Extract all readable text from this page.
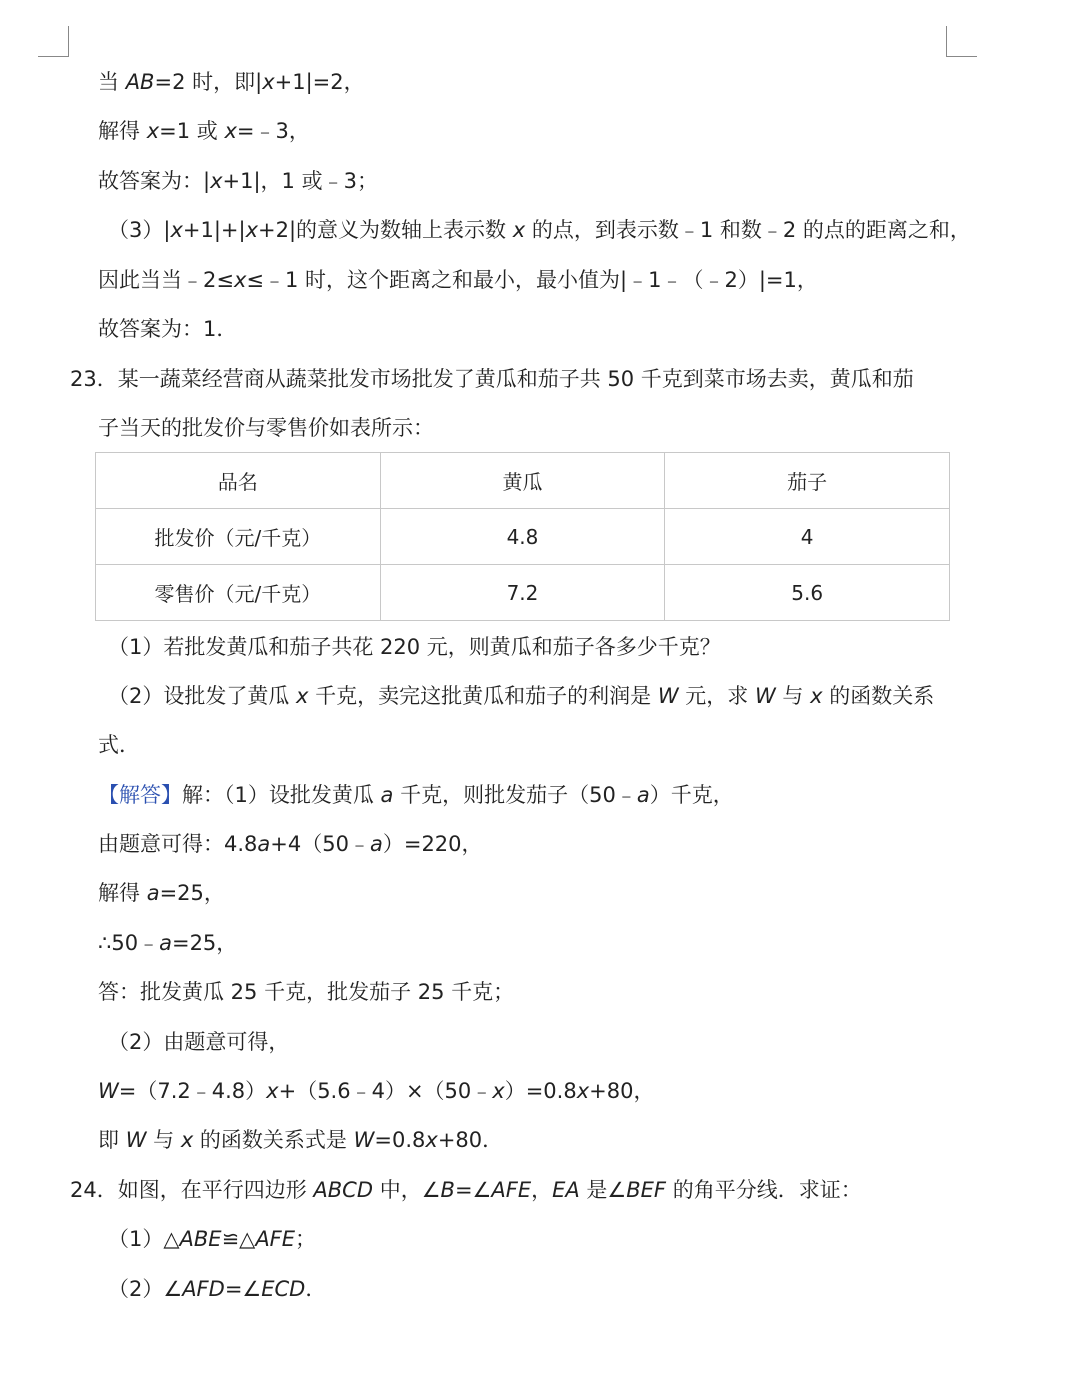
当 AB=2 时，即|x+1|=2，
解得 x=1 或 x=﹣3，
故答案为：|x+1|，1 或﹣3；
（3）|x+1|+|x+2|的意义为数轴上表示数 x 的点，到表示数﹣1 和数﹣2 的点的距离之和，
因此当当﹣2≤x≤﹣1 时，这个距离之和最小，最小值为|﹣1﹣（﹣2）|=1，
故答案为：1．
23．某一蔬菜经营商从蔬菜批发市场批发了黄瓜和茄子共 50 千克到菜市场去卖，黄瓜和茄
子当天的批发价与零售价如表所示：
品名	黄瓜	茄子
批发价（元/千克）	4.8	4
零售价（元/千克）	7.2	5.6
（1）若批发黄瓜和茄子共花 220 元，则黄瓜和茄子各多少千克？
（2）设批发了黄瓜 x 千克，卖完这批黄瓜和茄子的利润是 W 元，求 W 与 x 的函数关系
式．
【解答】解：（1）设批发黄瓜 a 千克，则批发茄子（50﹣a）千克，
由题意可得：4.8a+4（50﹣a）=220，
解得 a=25，
∴50﹣a=25，
答：批发黄瓜 25 千克，批发茄子 25 千克；
（2）由题意可得，
W=（7.2﹣4.8）x+（5.6﹣4）×（50﹣x）=0.8x+80，
即 W 与 x 的函数关系式是 W=0.8x+80．
24．如图，在平行四边形 ABCD 中，∠B=∠AFE，EA 是∠BEF 的角平分线．求证：
（1）△ABE≌△AFE；
（2）∠AFD=∠ECD．
